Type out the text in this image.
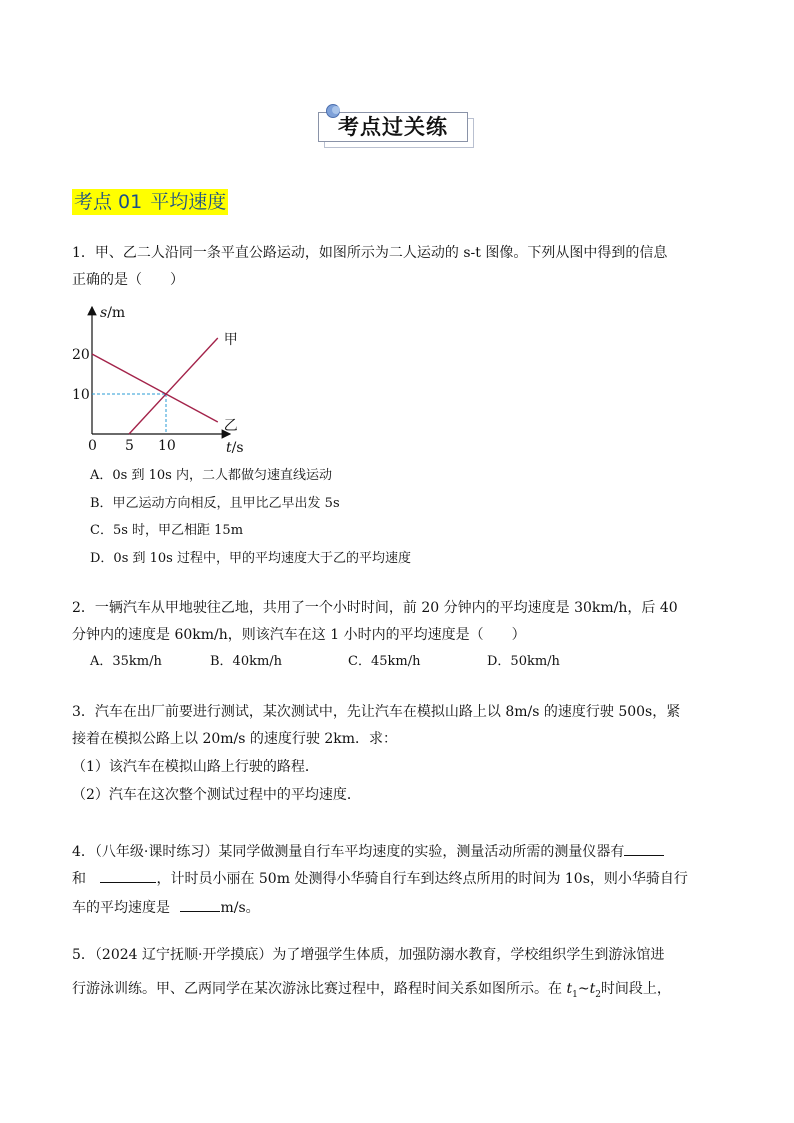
考点过关练
考点 01 平均速度
1．甲、乙二人沿同一条平直公路运动，如图所示为二人运动的 s-t 图像。下列从图中得到的信息
正确的是（　　）
甲
乙
0 5 10
10
20
s/m
t/s
A．0s 到 10s 内，二人都做匀速直线运动
B．甲乙运动方向相反，且甲比乙早出发 5s
C．5s 时，甲乙相距 15m
D．0s 到 10s 过程中，甲的平均速度大于乙的平均速度
2．一辆汽车从甲地驶往乙地，共用了一个小时时间，前 20 分钟内的平均速度是 30km/h，后 40
分钟内的速度是 60km/h，则该汽车在这 1 小时内的平均速度是（　　）
A．35km/h	B．40km/h	C．45km/h	D．50km/h
3．汽车在出厂前要进行测试，某次测试中，先让汽车在模拟山路上以 8m/s 的速度行驶 500s，紧
接着在模拟公路上以 20m/s 的速度行驶 2km．求：
（1）该汽车在模拟山路上行驶的路程．
（2）汽车在这次整个测试过程中的平均速度．
4．（八年级·课时练习）某同学做测量自行车平均速度的实验，测量活动所需的测量仪器有
和	，计时员小丽在 50m 处测得小华骑自行车到达终点所用的时间为 10s，则小华骑自行
车的平均速度是	m/s。
5．（2024 辽宁抚顺·开学摸底）为了增强学生体质，加强防溺水教育，学校组织学生到游泳馆进
行游泳训练。甲、乙两同学在某次游泳比赛过程中，路程时间关系如图所示。在 $t_1\sim t_2$时间段上，
